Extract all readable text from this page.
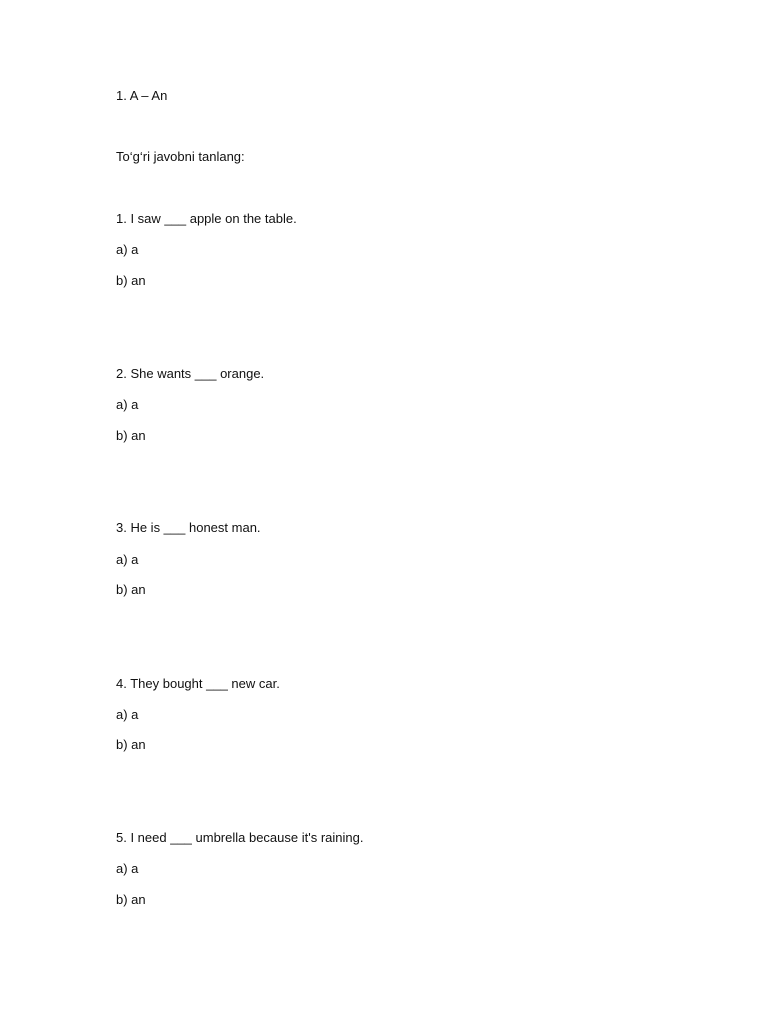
1. A – An
To‘g‘ri javobni tanlang:
1. I saw ___ apple on the table.
a) a
b) an
2. She wants ___ orange.
a) a
b) an
3. He is ___ honest man.
a) a
b) an
4. They bought ___ new car.
a) a
b) an
5. I need ___ umbrella because it's raining.
a) a
b) an
